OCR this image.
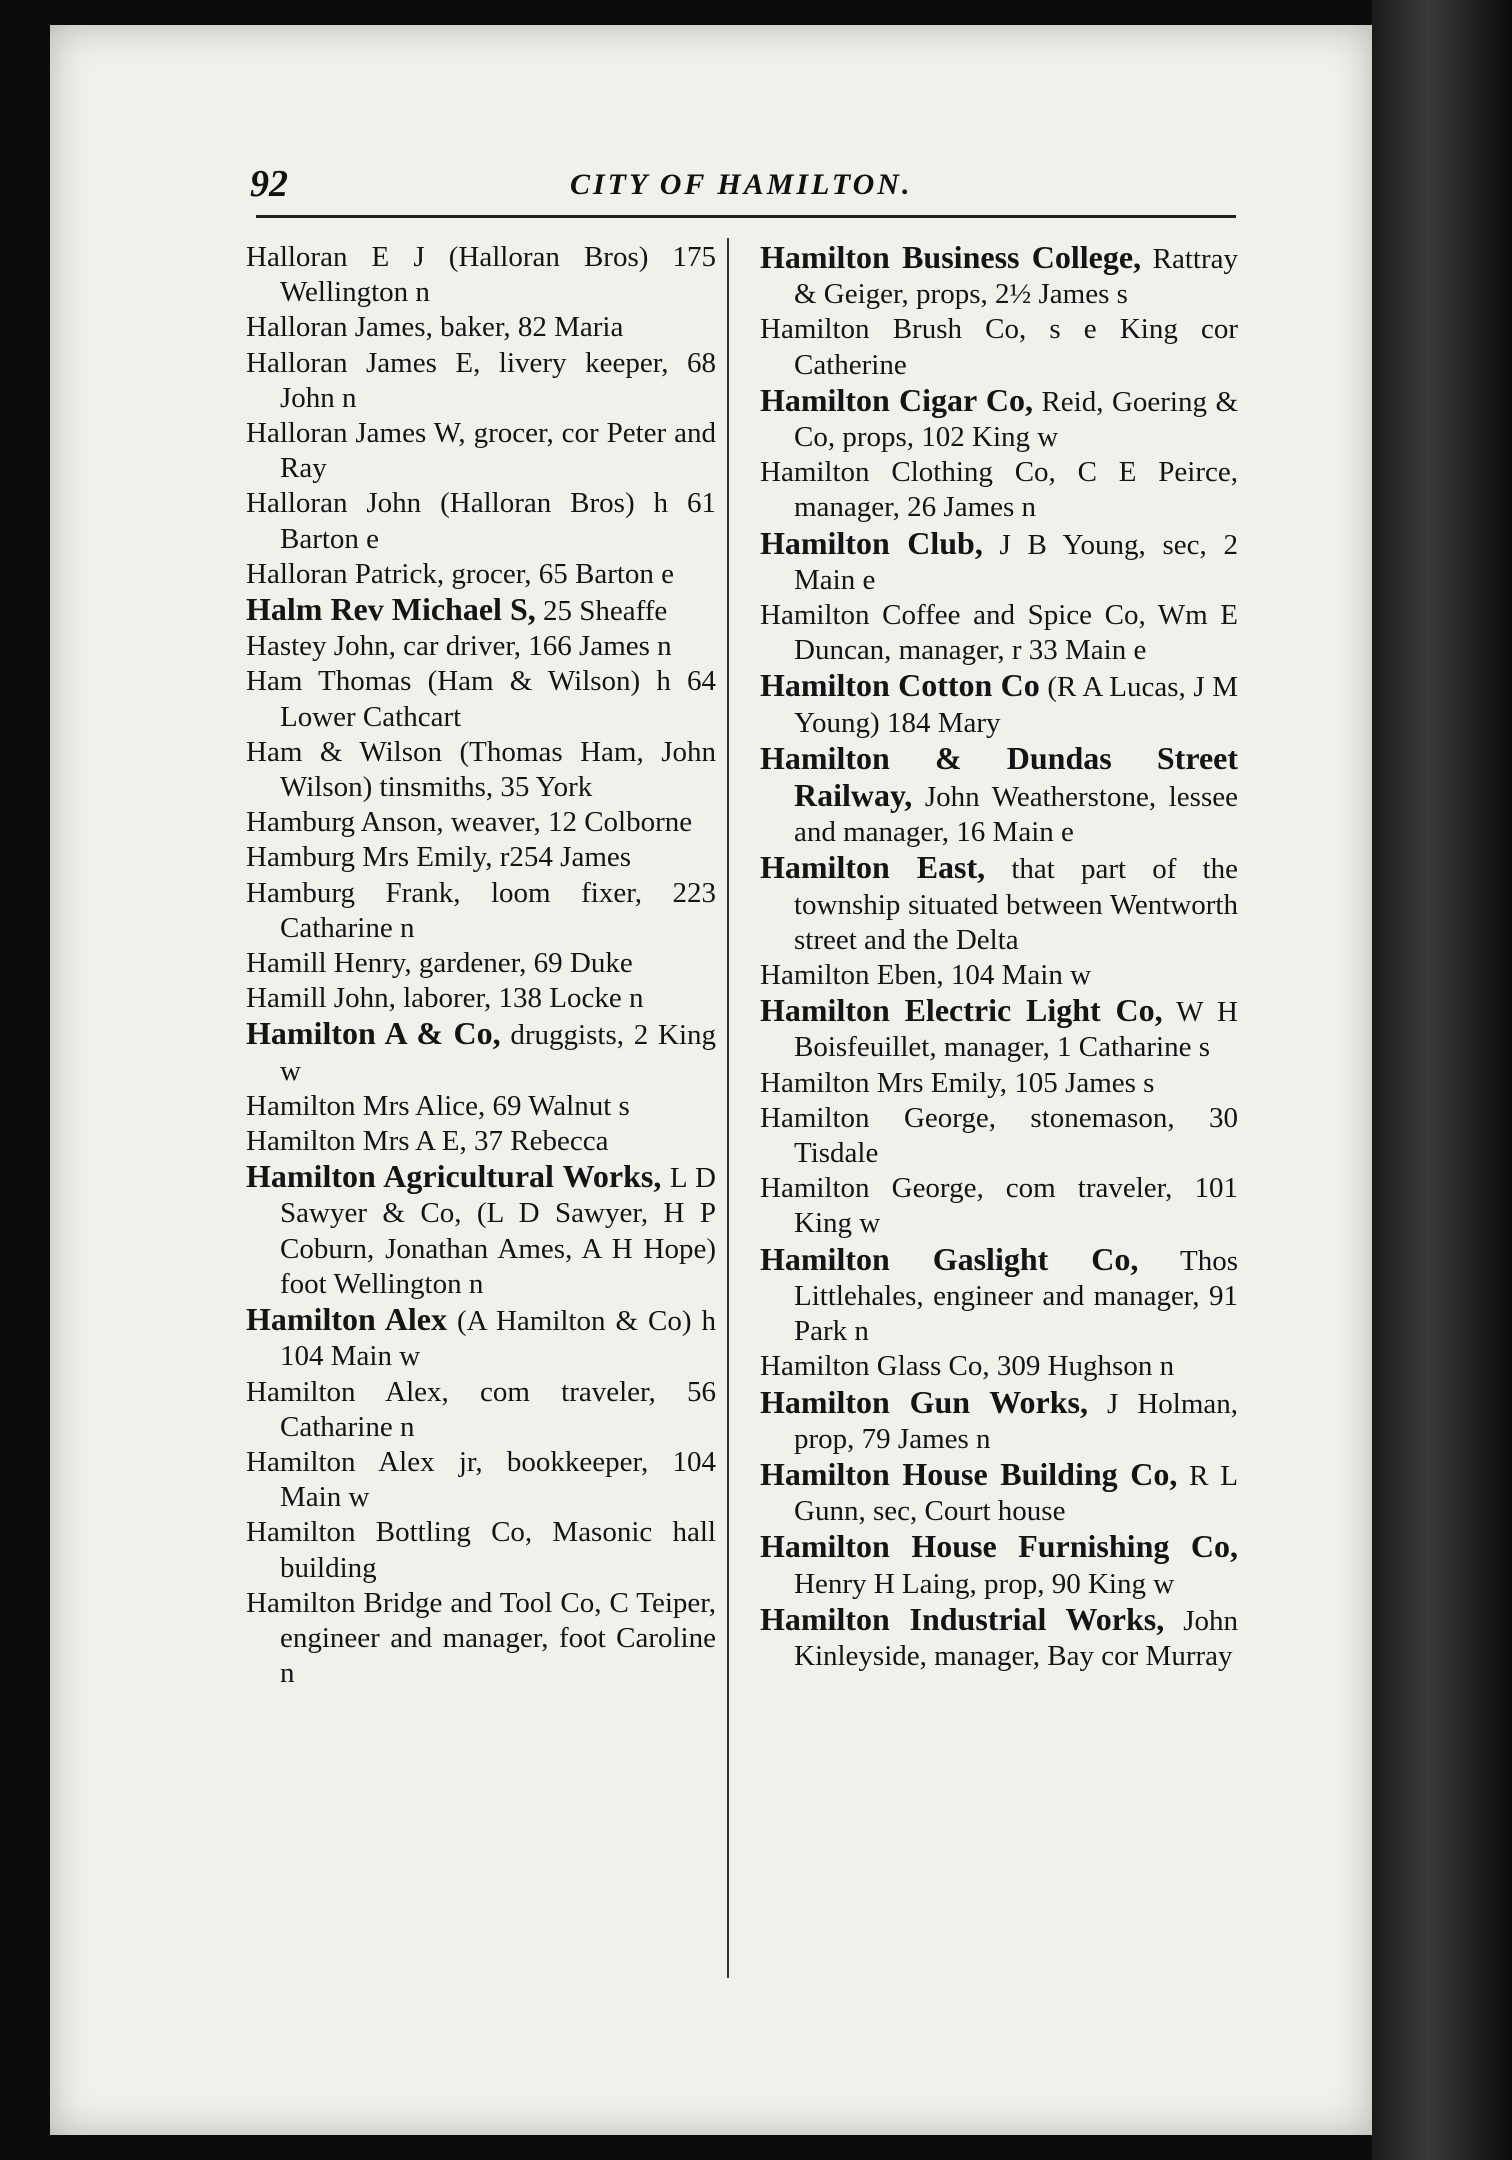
92	CITY OF HAMILTON.
Halloran E J (Halloran Bros) 175 Wellington n
Halloran James, baker, 82 Maria
Halloran James E, livery keeper, 68 John n
Halloran James W, grocer, cor Peter and Ray
Halloran John (Halloran Bros) h 61 Barton e
Halloran Patrick, grocer, 65 Barton e
Halm Rev Michael S, 25 Sheaffe
Hastey John, car driver, 166 James n
Ham Thomas (Ham & Wilson) h 64 Lower Cathcart
Ham & Wilson (Thomas Ham, John Wilson) tinsmiths, 35 York
Hamburg Anson, weaver, 12 Colborne
Hamburg Mrs Emily, r254 James
Hamburg Frank, loom fixer, 223 Catharine n
Hamill Henry, gardener, 69 Duke
Hamill John, laborer, 138 Locke n
Hamilton A & Co, druggists, 2 King w
Hamilton Mrs Alice, 69 Walnut s
Hamilton Mrs A E, 37 Rebecca
Hamilton Agricultural Works, L D Sawyer & Co, (L D Sawyer, H P Coburn, Jonathan Ames, A H Hope) foot Wellington n
Hamilton Alex (A Hamilton & Co) h 104 Main w
Hamilton Alex, com traveler, 56 Catharine n
Hamilton Alex jr, bookkeeper, 104 Main w
Hamilton Bottling Co, Masonic hall building
Hamilton Bridge and Tool Co, C Teiper, engineer and manager, foot Caroline n
Hamilton Business College, Rattray & Geiger, props, 2½ James s
Hamilton Brush Co, s e King cor Catherine
Hamilton Cigar Co, Reid, Goering & Co, props, 102 King w
Hamilton Clothing Co, C E Peirce, manager, 26 James n
Hamilton Club, J B Young, sec, 2 Main e
Hamilton Coffee and Spice Co, Wm E Duncan, manager, r 33 Main e
Hamilton Cotton Co (R A Lucas, J M Young) 184 Mary
Hamilton & Dundas Street Railway, John Weatherstone, lessee and manager, 16 Main e
Hamilton East, that part of the township situated between Wentworth street and the Delta
Hamilton Eben, 104 Main w
Hamilton Electric Light Co, W H Boisfeuillet, manager, 1 Catharine s
Hamilton Mrs Emily, 105 James s
Hamilton George, stonemason, 30 Tisdale
Hamilton George, com traveler, 101 King w
Hamilton Gaslight Co, Thos Littlehales, engineer and manager, 91 Park n
Hamilton Glass Co, 309 Hughson n
Hamilton Gun Works, J Holman, prop, 79 James n
Hamilton House Building Co, R L Gunn, sec, Court house
Hamilton House Furnishing Co, Henry H Laing, prop, 90 King w
Hamilton Industrial Works, John Kinleyside, manager, Bay cor Murray
